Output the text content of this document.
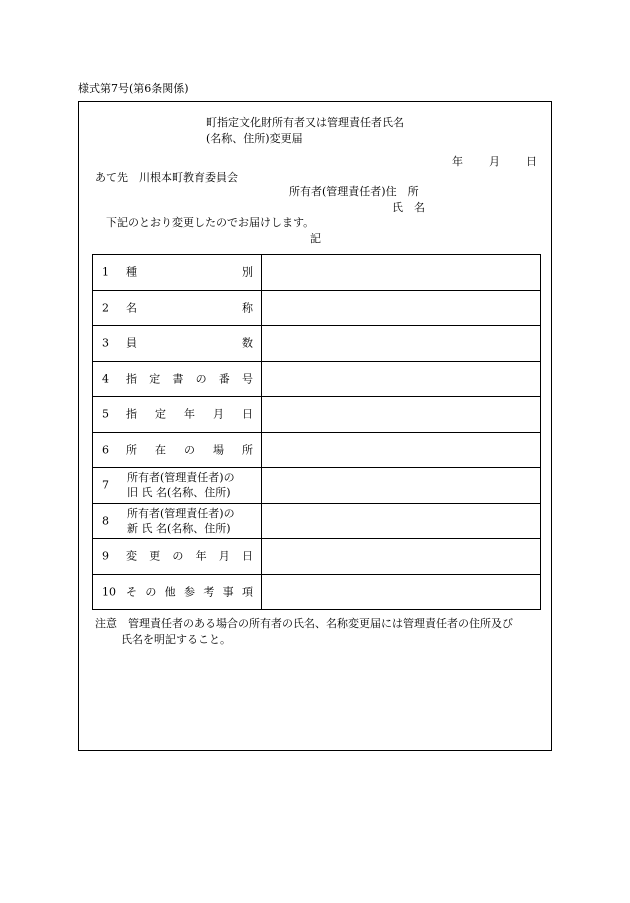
様式第7号(第6条関係)
町指定文化財所有者又は管理責任者氏名
(名称、住所)変更届
年 月 日
あて先　川根本町教育委員会
所有者(管理責任者)住　所
氏　名
下記のとおり変更したのでお届けします。
記
1 種別	

2 名称	

3 員数	

4 指定書の番号	

5 指定年月日	

6 所在の場所	

7
所有者(管理責任者)の
旧 氏 名(名称、住所)	

8
所有者(管理責任者)の
新 氏 名(名称、住所)	

9 変更の年月日	

10 その他参考事項	

注意　管理責任者のある場合の所有者の氏名、名称変更届には管理責任者の住所及び
氏名を明記すること。
